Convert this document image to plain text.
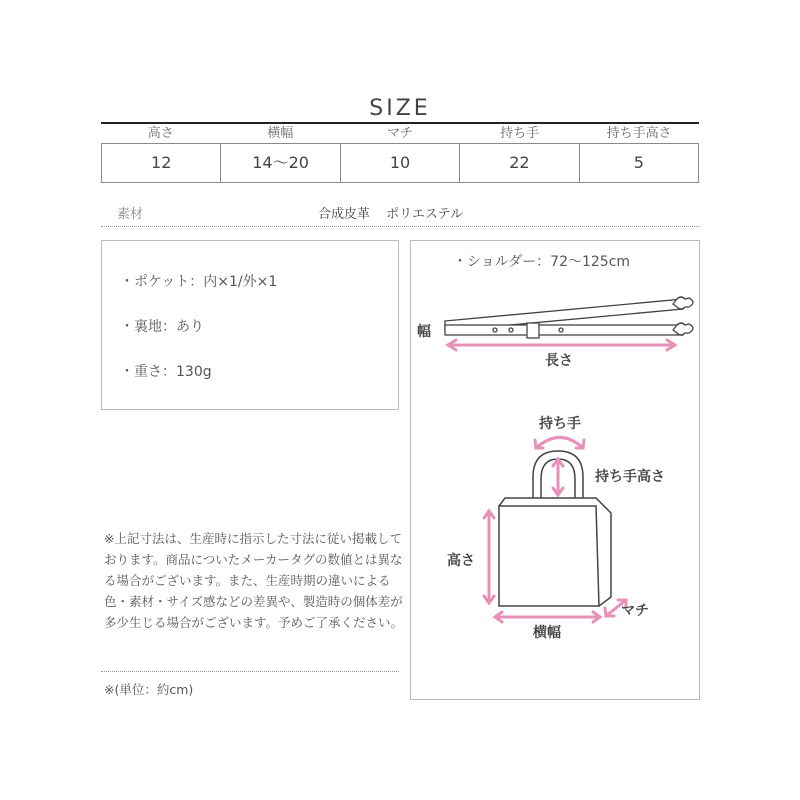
SIZE
高さ	横幅	マチ	持ち手	持ち手高さ
12	14〜20	10	22	5
素材	合成皮革 ポリエステル
・ポケット：内×1/外×1
・裏地：あり
・重さ：130g
※上記寸法は、生産時に指示した寸法に従い掲載しております。商品についたメーカータグの数値とは異なる場合がございます。また、生産時期の違いによる色・素材・サイズ感などの差異や、製造時の個体差が多少生じる場合がございます。予めご了承ください。
※(単位：約cm)
・ショルダー：72〜125cm
幅
長さ
持ち手
持ち手高さ
高さ
横幅
マチ
